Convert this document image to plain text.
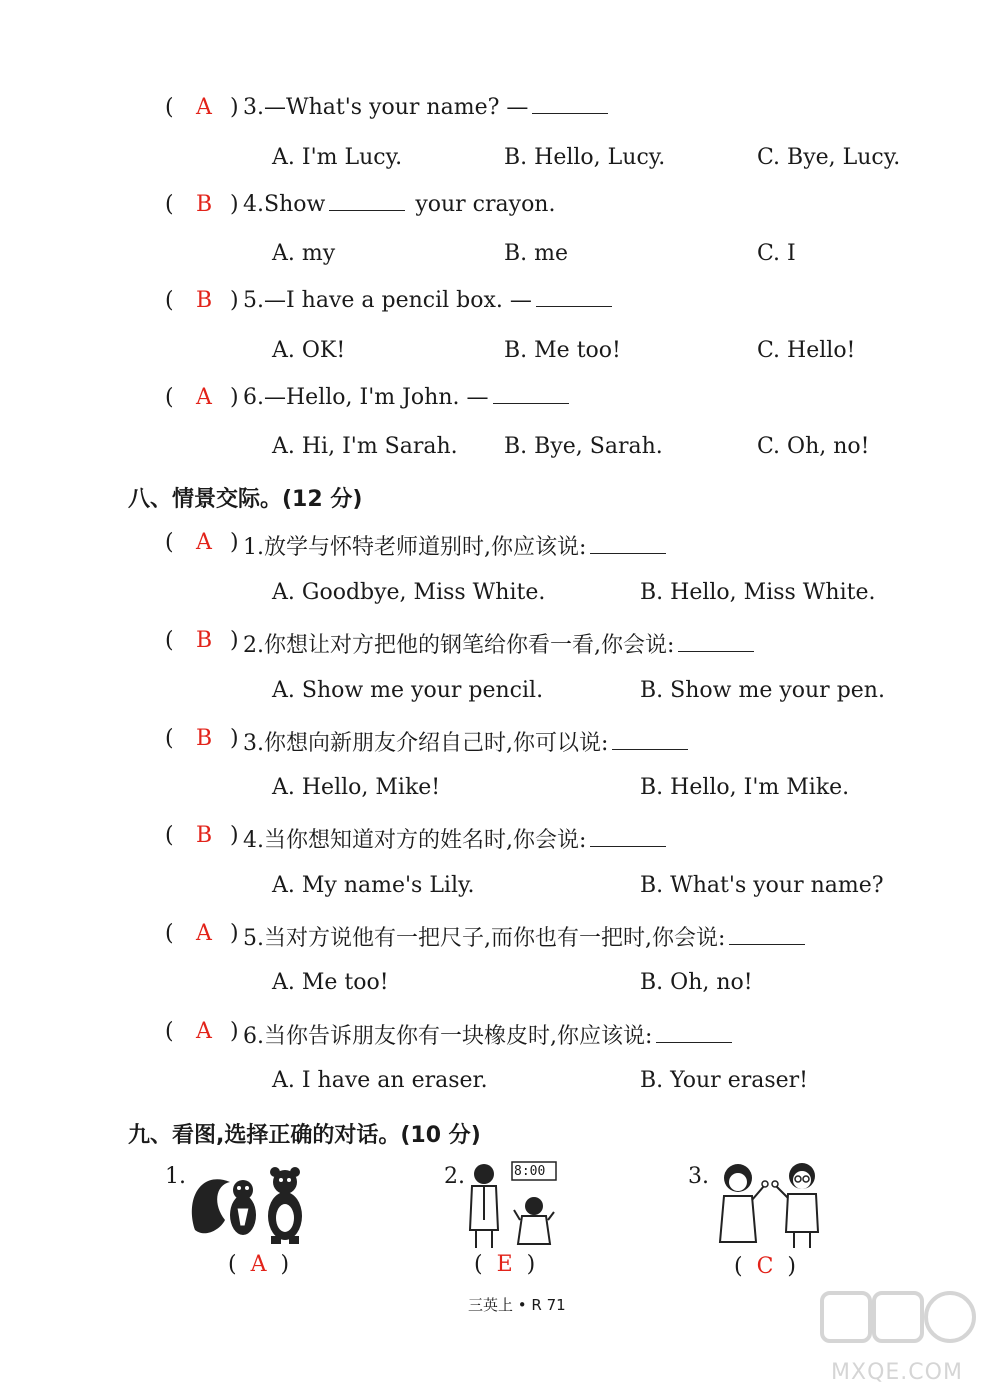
( A ) 3.—What's your name? —
A. I'm Lucy.	B. Hello, Lucy.	C. Bye, Lucy.
( B ) 4.Show	your crayon.
A. my	B. me	C. I
( B ) 5.—I have a pencil box. —
A. OK!	B. Me too!	C. Hello!
( A ) 6.—Hello, I'm John. —
A. Hi, I'm Sarah. B. Bye, Sarah.	C. Oh, no!
八、情景交际。(12 分)
( A ) 1.放学与怀特老师道别时,你应该说:
A. Goodbye, Miss White.	B. Hello, Miss White.
( B ) 2.你想让对方把他的钢笔给你看一看,你会说:
A. Show me your pencil.	B. Show me your pen.
( B ) 3.你想向新朋友介绍自己时,你可以说:
A. Hello, Mike!	B. Hello, I'm Mike.
( B ) 4.当你想知道对方的姓名时,你会说:
A. My name's Lily.	B. What's your name?
( A ) 5.当对方说他有一把尺子,而你也有一把时,你会说:
A. Me too!	B. Oh, no!
( A ) 6.当你告诉朋友你有一块橡皮时,你应该说:
A. I have an eraser.	B. Your eraser!
九、看图,选择正确的对话。(10 分)
1.
(  A  )
2.	8:00
(  E  )
3.
(  C  )
三英上 • R 71
MXQE.COM
